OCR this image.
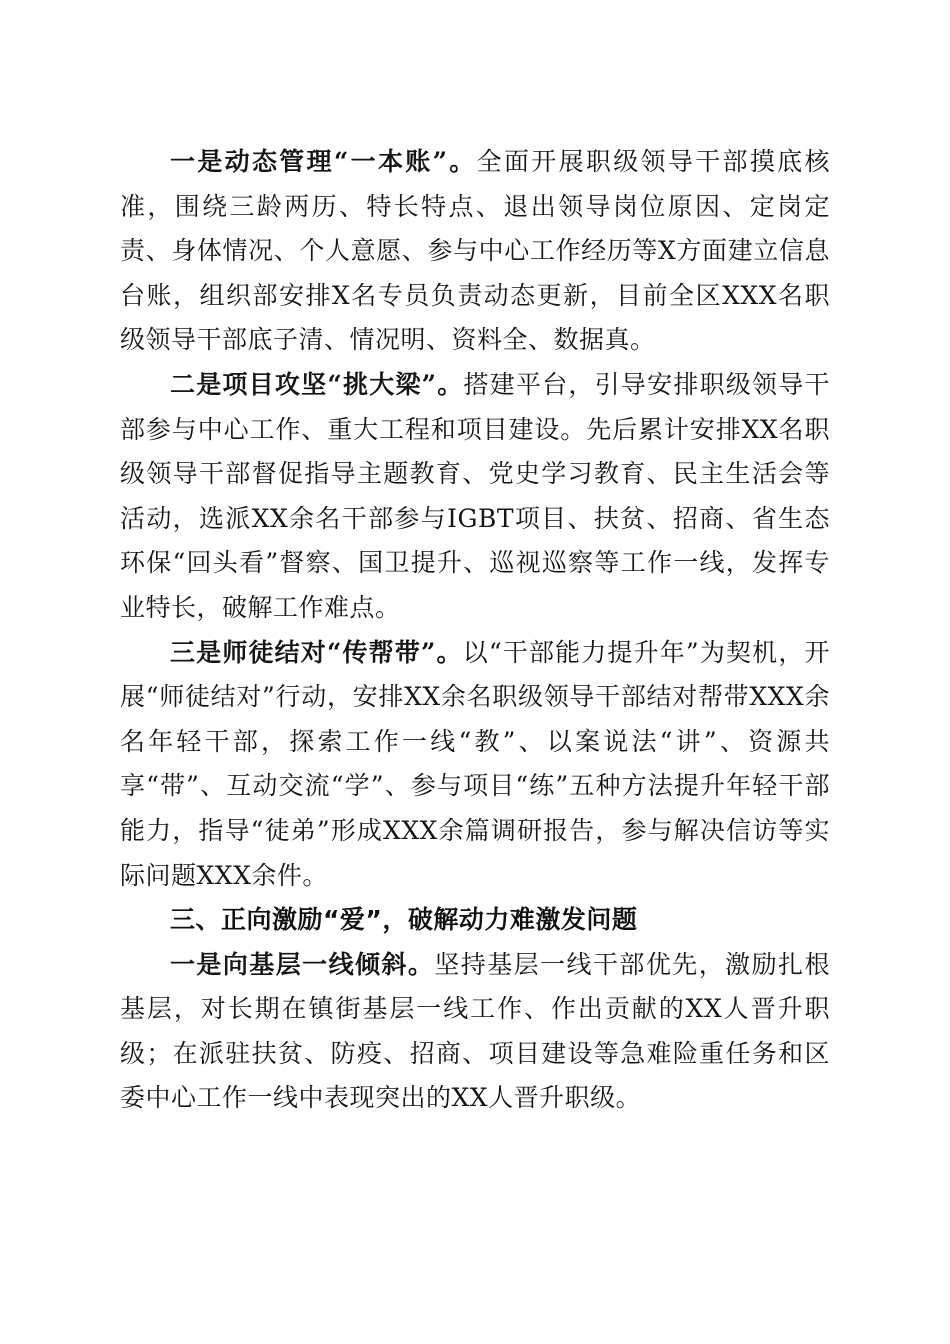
一是动态管理“一本账”。全面开展职级领导干部摸底核准，围绕三龄两历、特长特点、退出领导岗位原因、定岗定责、身体情况、个人意愿、参与中心工作经历等X方面建立信息台账，组织部安排X名专员负责动态更新，目前全区XXX名职级领导干部底子清、情况明、资料全、数据真。

二是项目攻坚“挑大梁”。搭建平台，引导安排职级领导干部参与中心工作、重大工程和项目建设。先后累计安排XX名职级领导干部督促指导主题教育、党史学习教育、民主生活会等活动，选派XX余名干部参与IGBT项目、扶贫、招商、省生态环保“回头看”督察、国卫提升、巡视巡察等工作一线，发挥专业特长，破解工作难点。

三是师徒结对“传帮带”。以“干部能力提升年”为契机，开展“师徒结对”行动，安排XX余名职级领导干部结对帮带XXX余名年轻干部，探索工作一线“教”、以案说法“讲”、资源共享“带”、互动交流“学”、参与项目“练”五种方法提升年轻干部能力，指导“徒弟”形成XXX余篇调研报告，参与解决信访等实际问题XXX余件。

三、正向激励“爱”，破解动力难激发问题

一是向基层一线倾斜。坚持基层一线干部优先，激励扎根基层，对长期在镇街基层一线工作、作出贡献的XX人晋升职级；在派驻扶贫、防疫、招商、项目建设等急难险重任务和区委中心工作一线中表现突出的XX人晋升职级。
